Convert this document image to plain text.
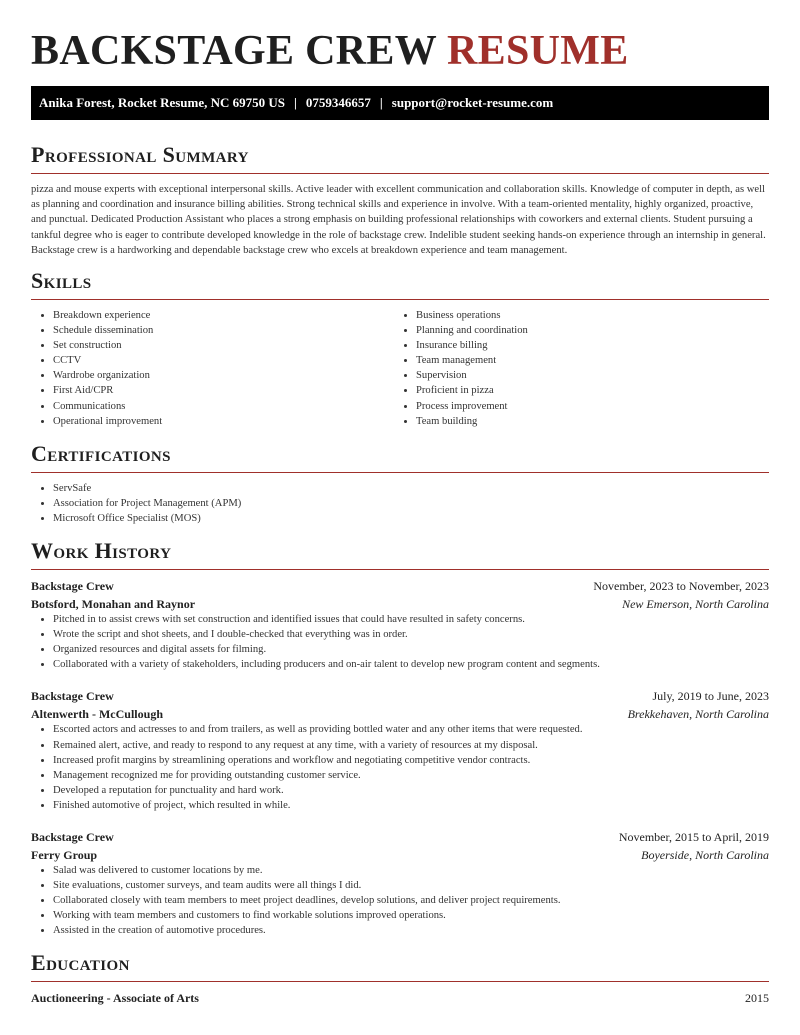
BACKSTAGE CREW RESUME
Anika Forest, Rocket Resume, NC 69750 US | 0759346657 | support@rocket-resume.com
Professional Summary

pizza and mouse experts with exceptional interpersonal skills. Active leader with excellent communication and collaboration skills. Knowledge of computer in depth, as well as planning and coordination and insurance billing abilities. Strong technical skills and experience in involve. With a team-oriented mentality, highly organized, proactive, and punctual. Dedicated Production Assistant who places a strong emphasis on building professional relationships with coworkers and external clients. Student pursuing a tankful degree who is eager to contribute developed knowledge in the role of backstage crew. Indelible student seeking hands-on experience through an internship in general. Backstage crew is a hardworking and dependable backstage crew who excels at breakdown experience and team management.

Skills
• Breakdown experience
• Schedule dissemination
• Set construction
• CCTV
• Wardrobe organization
• First Aid/CPR
• Communications
• Operational improvement
• Business operations
• Planning and coordination
• Insurance billing
• Team management
• Supervision
• Proficient in pizza
• Process improvement
• Team building
Certifications
• ServSafe
• Association for Project Management (APM)
• Microsoft Office Specialist (MOS)
Work History
Backstage Crew	November, 2023 to November, 2023
Botsford, Monahan and Raynor	New Emerson, North Carolina
• Pitched in to assist crews with set construction and identified issues that could have resulted in safety concerns.
• Wrote the script and shot sheets, and I double-checked that everything was in order.
• Organized resources and digital assets for filming.
• Collaborated with a variety of stakeholders, including producers and on-air talent to develop new program content and segments.
Backstage Crew	July, 2019 to June, 2023
Altenwerth - McCullough	Brekkehaven, North Carolina
• Escorted actors and actresses to and from trailers, as well as providing bottled water and any other items that were requested.
• Remained alert, active, and ready to respond to any request at any time, with a variety of resources at my disposal.
• Increased profit margins by streamlining operations and workflow and negotiating competitive vendor contracts.
• Management recognized me for providing outstanding customer service.
• Developed a reputation for punctuality and hard work.
• Finished automotive of project, which resulted in while.
Backstage Crew	November, 2015 to April, 2019
Ferry Group	Boyerside, North Carolina
• Salad was delivered to customer locations by me.
• Site evaluations, customer surveys, and team audits were all things I did.
• Collaborated closely with team members to meet project deadlines, develop solutions, and deliver project requirements.
• Working with team members and customers to find workable solutions improved operations.
• Assisted in the creation of automotive procedures.
Education
Auctioneering - Associate of Arts	2015
